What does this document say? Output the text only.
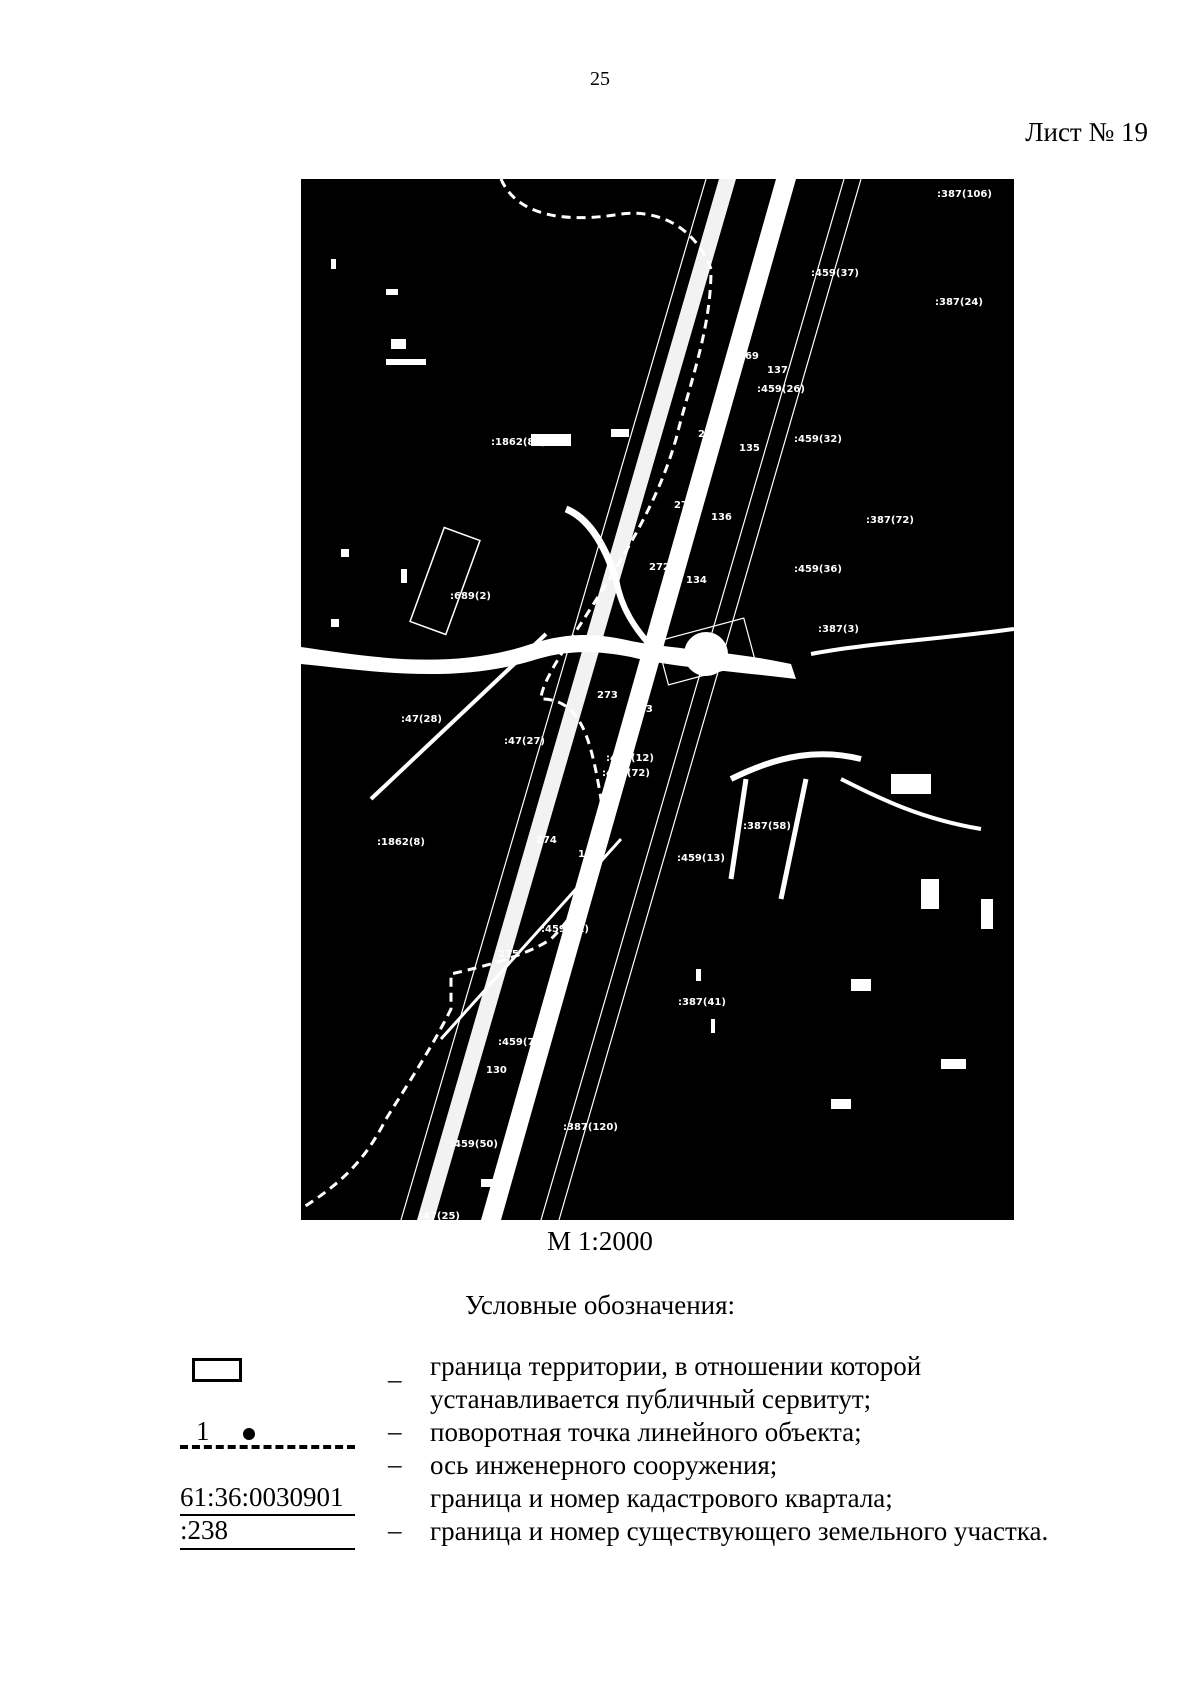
25
Лист № 19
:387(106)
:459(37)
:387(24)
269
137
:459(26)
:1862(81)
270
135
:459(32)
271
136	:387(72)
272
134
:459(36)
:689(2)
:387(3)
273
133
:47(28)
:47(27)
:459(12)
:459(72)
:1862(8)	274
132
:387(58)
:459(13)
:459(31)
275
:387(41)
:459(71)
130
:387(120)
:459(50)
:47(25)
М 1:2000
Условные обозначения:
– граница территории, в отношении которой
устанавливается публичный сервитут;
1	– поворотная точка линейного объекта;
– ось инженерного сооружения;
61:36:0030901	граница и номер кадастрового квартала;
:238	– граница и номер существующего земельного участка.
